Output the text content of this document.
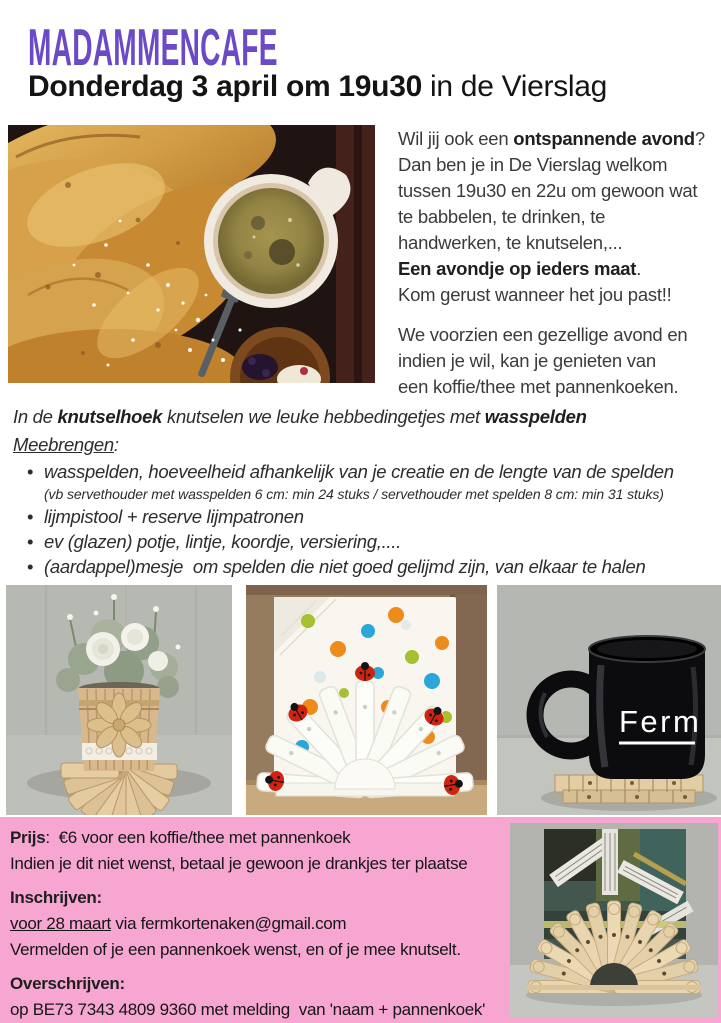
MADAMMENCAFE
Donderdag 3 april om 19u30 in de Vierslag
Wil jij ook een ontspannende avond?
Dan ben je in De Vierslag welkom
tussen 19u30 en 22u om gewoon wat
te babbelen, te drinken, te
handwerken, te knutselen,...
Een avondje op ieders maat.
Kom gerust wanneer het jou past!!
We voorzien een gezellige avond en
indien je wil, kan je genieten van
een koffie/thee met pannenkoeken.
In de knutselhoek knutselen we leuke hebbedingetjes met wasspelden
Meebrengen:
• wasspelden, hoeveelheid afhankelijk van je creatie en de lengte van de spelden
(vb servethouder met wasspelden 6 cm: min 24 stuks / servethouder met spelden 8 cm: min 31 stuks)
• lijmpistool + reserve lijmpatronen
• ev (glazen) potje, lintje, koordje, versiering,....
• (aardappel)mesje  om spelden die niet goed gelijmd zijn, van elkaar te halen
Ferm
Prijs:  €6 voor een koffie/thee met pannenkoek
Indien je dit niet wenst, betaal je gewoon je drankjes ter plaatse
Inschrijven:
voor 28 maart via fermkortenaken@gmail.com
Vermelden of je een pannenkoek wenst, en of je mee knutselt.
Overschrijven:
op BE73 7343 4809 9360 met melding  van 'naam + pannenkoek'
